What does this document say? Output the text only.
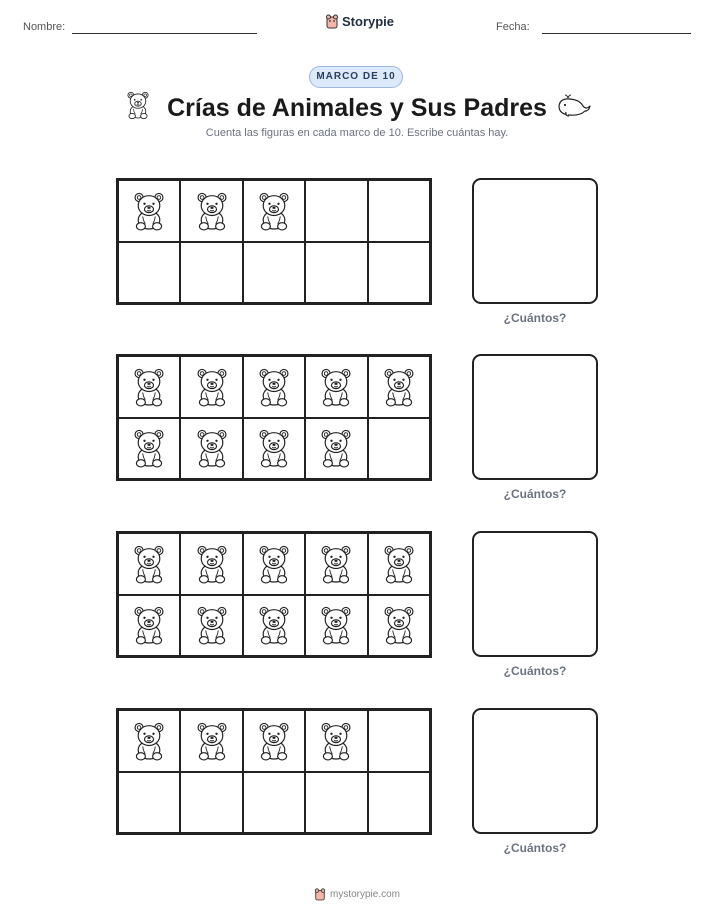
Nombre:	Storypie	Fecha:
MARCO DE 10
Crías de Animales y Sus Padres
Cuenta las figuras en cada marco de 10. Escribe cuántas hay.
¿Cuántos?
¿Cuántos?
¿Cuántos?
¿Cuántos?
mystorypie.com
